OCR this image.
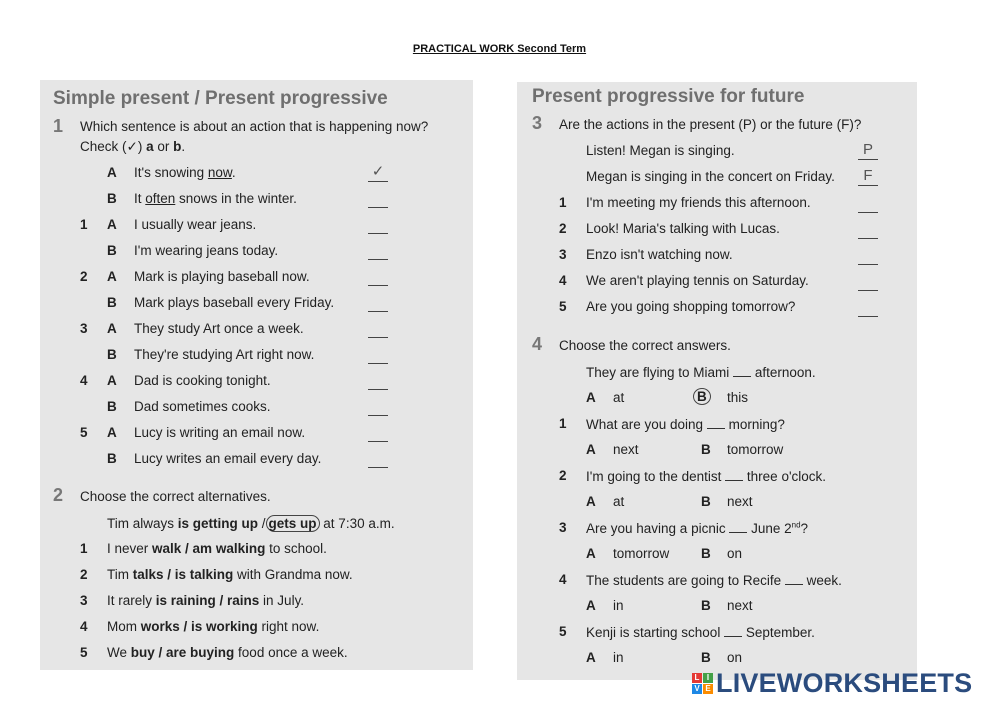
PRACTICAL WORK Second Term
Simple present / Present progressive
1 Which sentence is about an action that is happening now?
Check (✓) a or b.
A It's snowing now.	✓
B It often snows in the winter.
1 A I usually wear jeans.
B I'm wearing jeans today.
2 A Mark is playing baseball now.
B Mark plays baseball every Friday.
3 A They study Art once a week.
B They're studying Art right now.
4 A Dad is cooking tonight.
B Dad sometimes cooks.
5 A Lucy is writing an email now.
B Lucy writes an email every day.
2 Choose the correct alternatives.
Tim always is getting up / gets up at 7:30 a.m.
1 I never walk / am walking to school.
2 Tim talks / is talking with Grandma now.
3 It rarely is raining / rains in July.
4 Mom works / is working right now.
5 We buy / are buying food once a week.
Present progressive for future
3 Are the actions in the present (P) or the future (F)?
Listen! Megan is singing.	P
Megan is singing in the concert on Friday.	F
1 I'm meeting my friends this afternoon.
2 Look! Maria's talking with Lucas.
3 Enzo isn't watching now.
4 We aren't playing tennis on Saturday.
5 Are you going shopping tomorrow?
4 Choose the correct answers.
They are flying to Miami  afternoon.
A at	B this
1 What are you doing  morning?
A next	B tomorrow
2 I'm going to the dentist  three o'clock.
A at	B next
3 Are you having a picnic  June 2nd?
A tomorrow B on
4 The students are going to Recife  week.
A in	B next
5 Kenji is starting school  September.
A in	B on
L I
V E LIVEWORKSHEETS
